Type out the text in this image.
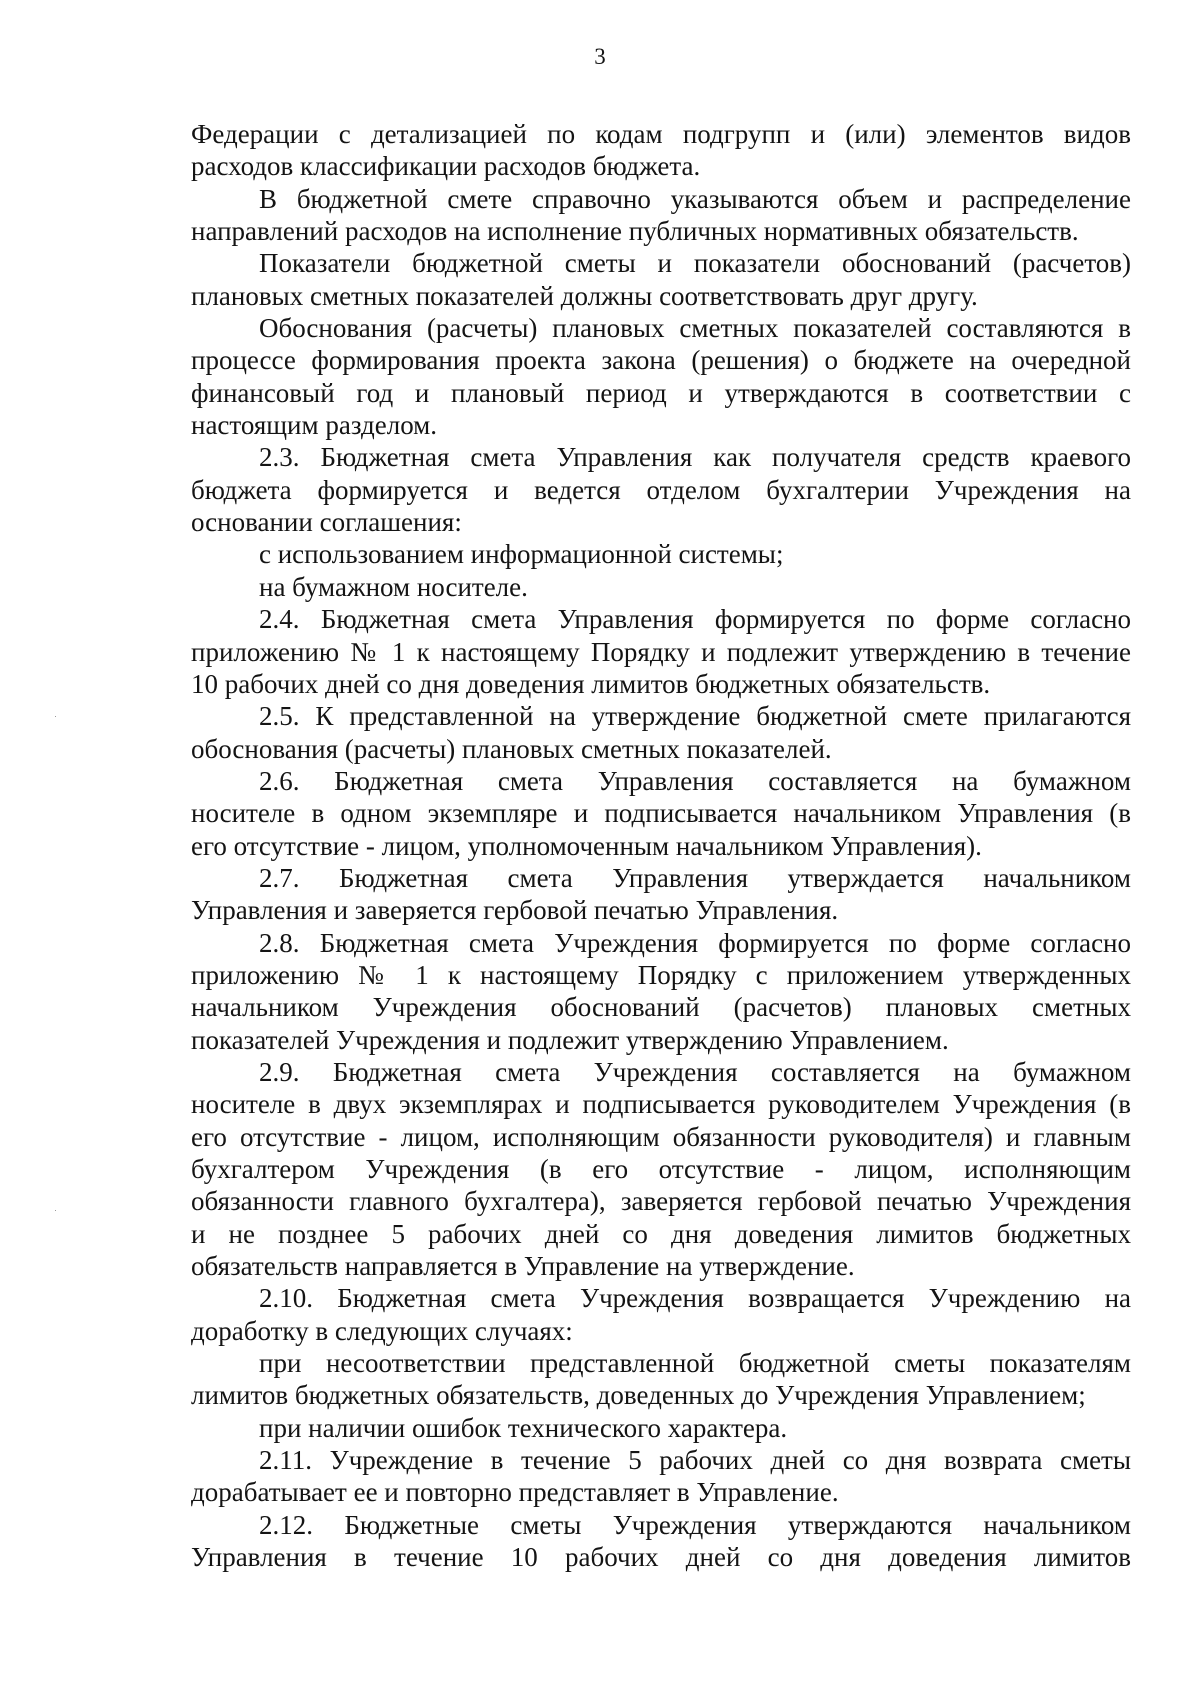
3
Федерации с детализацией по кодам подгрупп и (или) элементов видов
расходов классификации расходов бюджета.
В бюджетной смете справочно указываются объем и распределение
направлений расходов на исполнение публичных нормативных обязательств.
Показатели бюджетной сметы и показатели обоснований (расчетов)
плановых сметных показателей должны соответствовать друг другу.
Обоснования (расчеты) плановых сметных показателей составляются в
процессе формирования проекта закона (решения) о бюджете на очередной
финансовый год и плановый период и утверждаются в соответствии с
настоящим разделом.
2.3. Бюджетная смета Управления как получателя средств краевого
бюджета формируется и ведется отделом бухгалтерии Учреждения на
основании соглашения:
с использованием информационной системы;
на бумажном носителе.
2.4. Бюджетная смета Управления формируется по форме согласно
приложению № 1 к настоящему Порядку и подлежит утверждению в течение
10 рабочих дней со дня доведения лимитов бюджетных обязательств.
2.5. К представленной на утверждение бюджетной смете прилагаются
обоснования (расчеты) плановых сметных показателей.
2.6. Бюджетная смета Управления составляется на бумажном
носителе в одном экземпляре и подписывается начальником Управления (в
его отсутствие - лицом, уполномоченным начальником Управления).
2.7. Бюджетная смета Управления утверждается начальником
Управления и заверяется гербовой печатью Управления.
2.8. Бюджетная смета Учреждения формируется по форме согласно
приложению № 1 к настоящему Порядку с приложением утвержденных
начальником Учреждения обоснований (расчетов) плановых сметных
показателей Учреждения и подлежит утверждению Управлением.
2.9. Бюджетная смета Учреждения составляется на бумажном
носителе в двух экземплярах и подписывается руководителем Учреждения (в
его отсутствие - лицом, исполняющим обязанности руководителя) и главным
бухгалтером Учреждения (в его отсутствие - лицом, исполняющим
обязанности главного бухгалтера), заверяется гербовой печатью Учреждения
и не позднее 5 рабочих дней со дня доведения лимитов бюджетных
обязательств направляется в Управление на утверждение.
2.10. Бюджетная смета Учреждения возвращается Учреждению на
доработку в следующих случаях:
при несоответствии представленной бюджетной сметы показателям
лимитов бюджетных обязательств, доведенных до Учреждения Управлением;
при наличии ошибок технического характера.
2.11. Учреждение в течение 5 рабочих дней со дня возврата сметы
дорабатывает ее и повторно представляет в Управление.
2.12. Бюджетные сметы Учреждения утверждаются начальником
Управления в течение 10 рабочих дней со дня доведения лимитов
